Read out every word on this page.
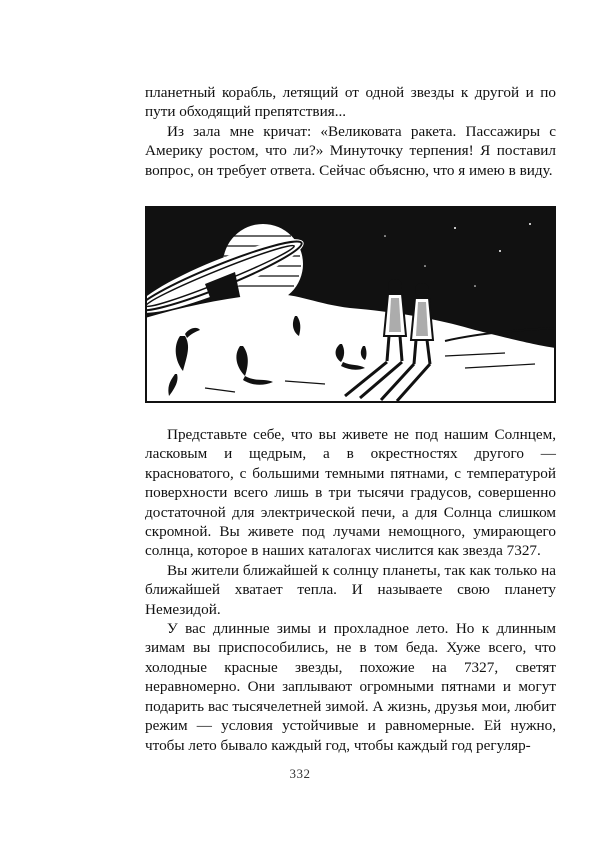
планетный корабль, летящий от одной звезды к другой и по пути обходящий препятствия...

Из зала мне кричат: «Великовата ракета. Пассажиры с Америку ростом, что ли?» Минуточку терпения! Я поставил вопрос, он требует ответа. Сейчас объясню, что я имею в виду.

Представьте себе, что вы живете не под нашим Солнцем, ласковым и щедрым, а в окрестностях другого — красноватого, с большими темными пятнами, с температурой поверхности всего лишь в три тысячи градусов, совершенно достаточной для электрической печи, а для Солнца слишком скромной. Вы живете под лучами немощного, умирающего солнца, которое в наших каталогах числится как звезда 7327.

Вы жители ближайшей к солнцу планеты, так как только на ближайшей хватает тепла. И называете свою планету Немезидой.

У вас длинные зимы и прохладное лето. Но к длинным зимам вы приспособились, не в том беда. Хуже всего, что холодные красные звезды, похожие на 7327, светят неравномерно. Они заплывают огромными пятнами и могут подарить вас тысячелетней зимой. А жизнь, друзья мои, любит режим — условия устойчивые и равномерные. Ей нужно, чтобы лето бывало каждый год, чтобы каждый год регуляр-

332
